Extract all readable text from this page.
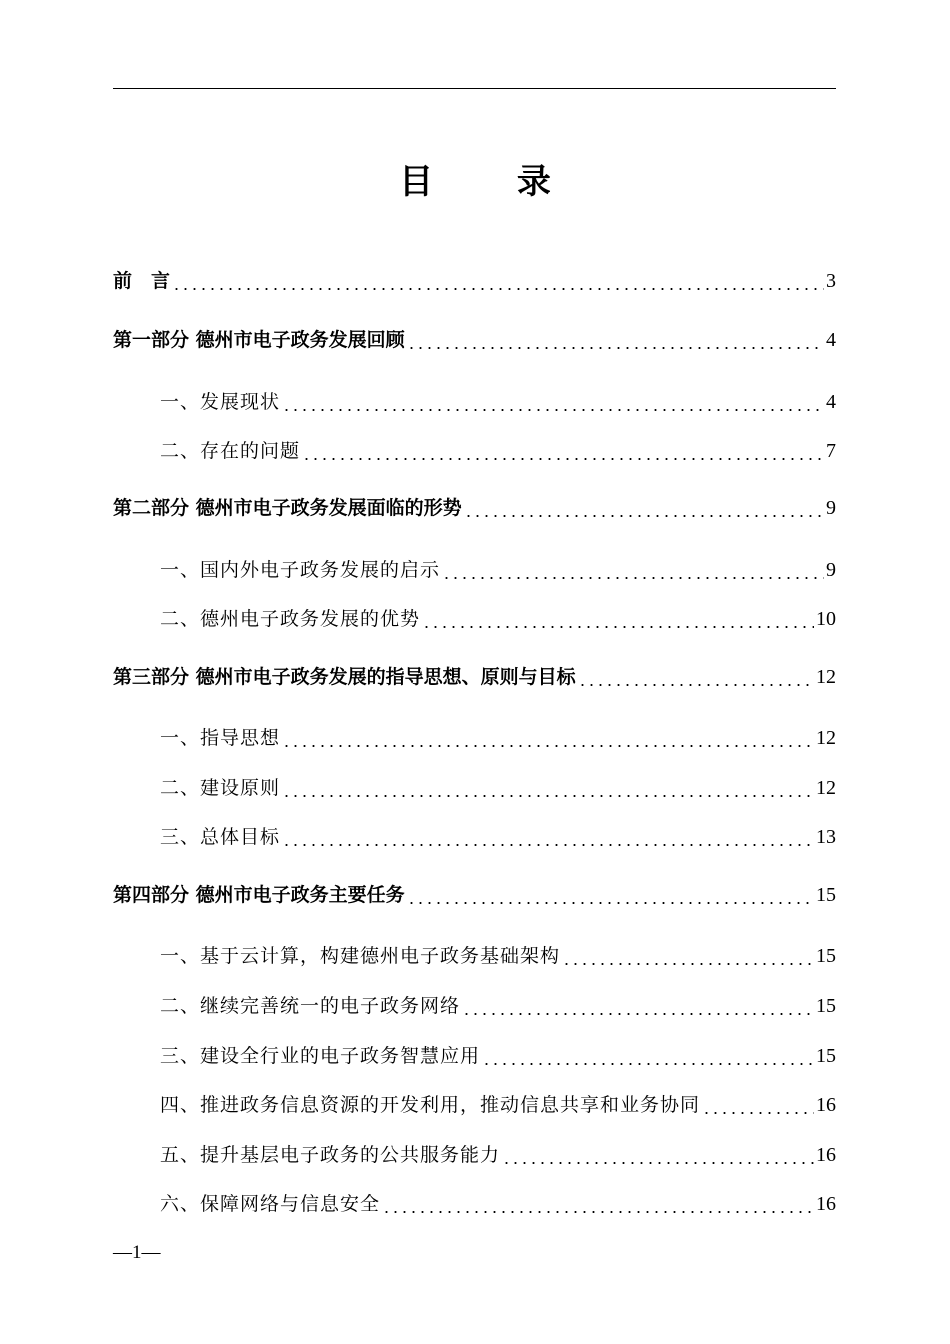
目 录
前　言	3
第一部分 德州市电子政务发展回顾	4
一、发展现状	4
二、存在的问题	7
第二部分 德州市电子政务发展面临的形势	9
一、国内外电子政务发展的启示	9
二、德州电子政务发展的优势	10
第三部分 德州市电子政务发展的指导思想、原则与目标	12
一、指导思想	12
二、建设原则	12
三、总体目标	13
第四部分 德州市电子政务主要任务	15
一、基于云计算，构建德州电子政务基础架构	15
二、继续完善统一的电子政务网络	15
三、建设全行业的电子政务智慧应用	15
四、推进政务信息资源的开发利用，推动信息共享和业务协同	16
五、提升基层电子政务的公共服务能力	16
六、保障网络与信息安全	16
—1—
